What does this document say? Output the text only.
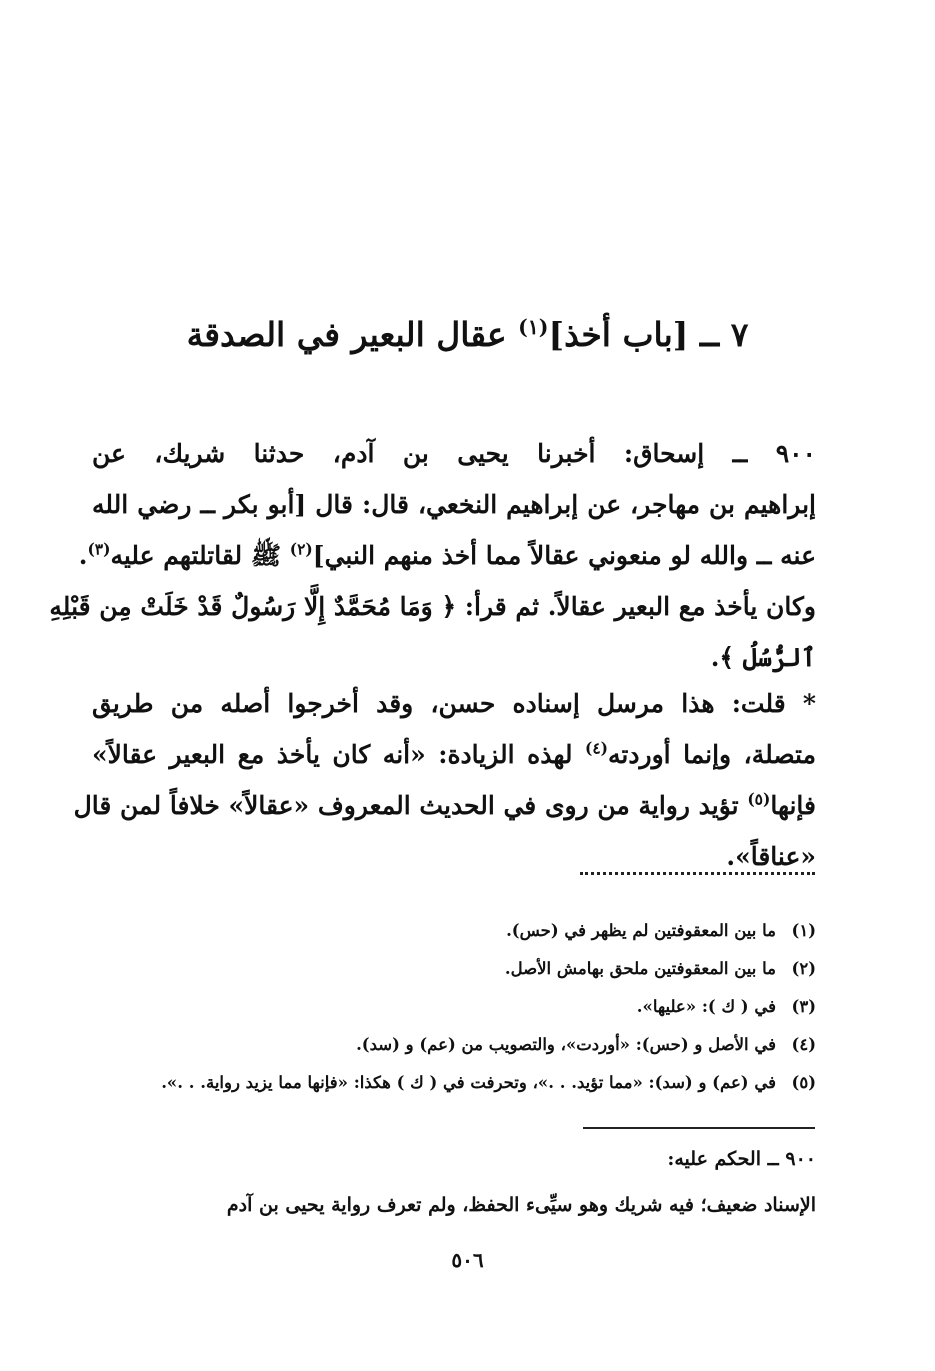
٧ ــ [باب أخذ]$^{(١)}$ عقال البعير في الصدقة
٩٠٠ ــ إسحاق: أخبرنا يحيى بن آدم، حدثنا شريك، عن
إبراهيم بن مهاجر، عن إبراهيم النخعي، قال: قال [أبو بكر ــ رضي الله
عنه ــ والله لو منعوني عقالاً مما أخذ منهم النبي]$^{(٢)}$ ﷺ لقاتلتهم عليه$^{(٣)}$.
وكان يأخذ مع البعير عقالاً. ثم قرأ: ﴿ وَمَا مُحَمَّدٌ إِلَّا رَسُولٌ قَدْ خَلَتْ مِن قَبْلِهِ
ٱلرُّسُلُ ﴾.
* قلت: هذا مرسل إسناده حسن، وقد أخرجوا أصله من طريق
متصلة، وإنما أوردته$^{(٤)}$ لهذه الزيادة: «أنه كان يأخذ مع البعير عقالاً»
فإنها$^{(٥)}$ تؤيد رواية من روى في الحديث المعروف «عقالاً» خلافاً لمن قال
«عناقاً».
(١)ما بين المعقوفتين لم يظهر في (حس).
(٢)ما بين المعقوفتين ملحق بهامش الأصل.
(٣)في ( ك ): «عليها».
(٤)في الأصل و (حس): «أوردت»، والتصويب من (عم) و (سد).
(٥)في (عم) و (سد): «مما تؤيد. . .»، وتحرفت في ( ك ) هكذا: «فإنها مما يزيد رواية. . .».
٩٠٠ ــ الحكم عليه:
الإسناد ضعيف؛ فيه شريك وهو سيِّىء الحفظ، ولم تعرف رواية يحيى بن آدم
٥٠٦
